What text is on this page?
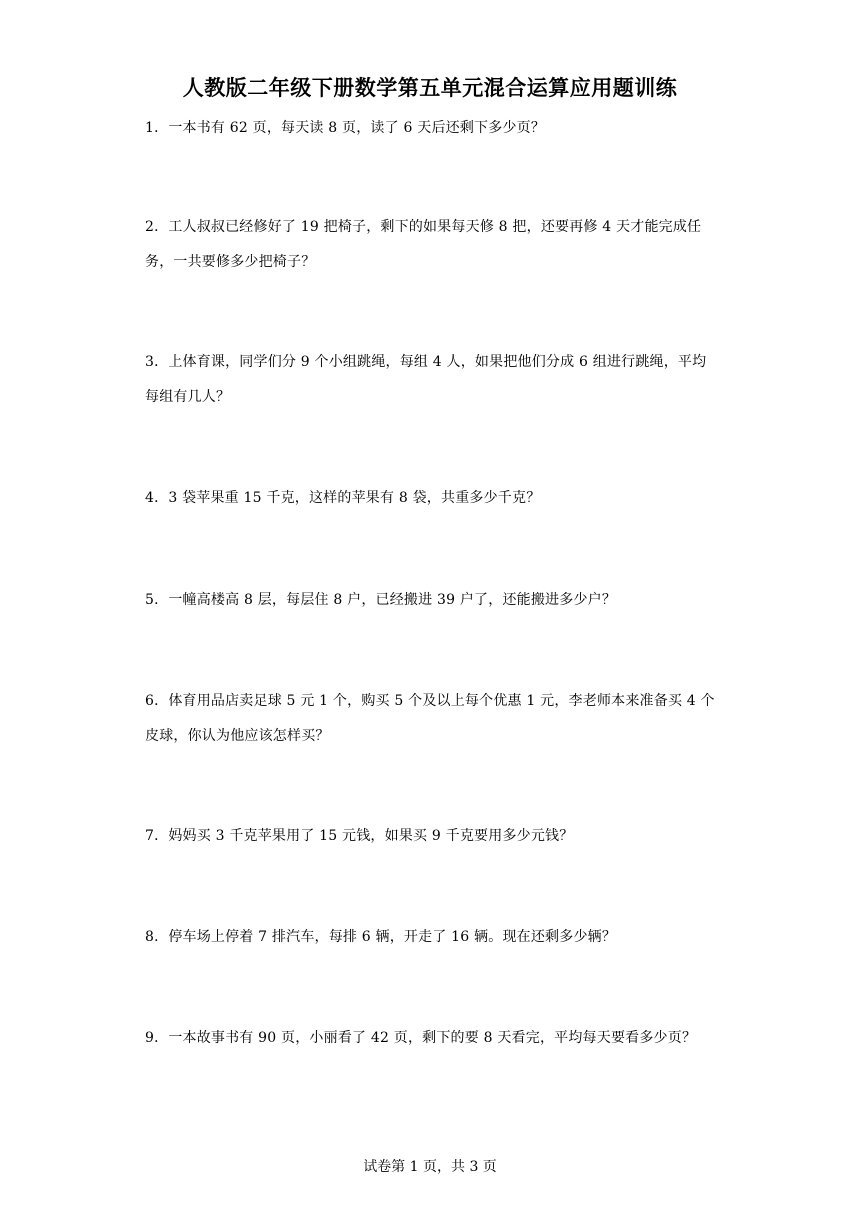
人教版二年级下册数学第五单元混合运算应用题训练
1．一本书有 62 页，每天读 8 页，读了 6 天后还剩下多少页？
2．工人叔叔已经修好了 19 把椅子，剩下的如果每天修 8 把，还要再修 4 天才能完成任务，一共要修多少把椅子？
3．上体育课，同学们分 9 个小组跳绳，每组 4 人，如果把他们分成 6 组进行跳绳，平均每组有几人？
4．3 袋苹果重 15 千克，这样的苹果有 8 袋，共重多少千克？
5．一幢高楼高 8 层，每层住 8 户，已经搬进 39 户了，还能搬进多少户？
6．体育用品店卖足球 5 元 1 个，购买 5 个及以上每个优惠 1 元，李老师本来准备买 4 个皮球，你认为他应该怎样买？
7．妈妈买 3 千克苹果用了 15 元钱，如果买 9 千克要用多少元钱？
8．停车场上停着 7 排汽车，每排 6 辆，开走了 16 辆。现在还剩多少辆？
9．一本故事书有 90 页，小丽看了 42 页，剩下的要 8 天看完，平均每天要看多少页？
试卷第 1 页，共 3 页
